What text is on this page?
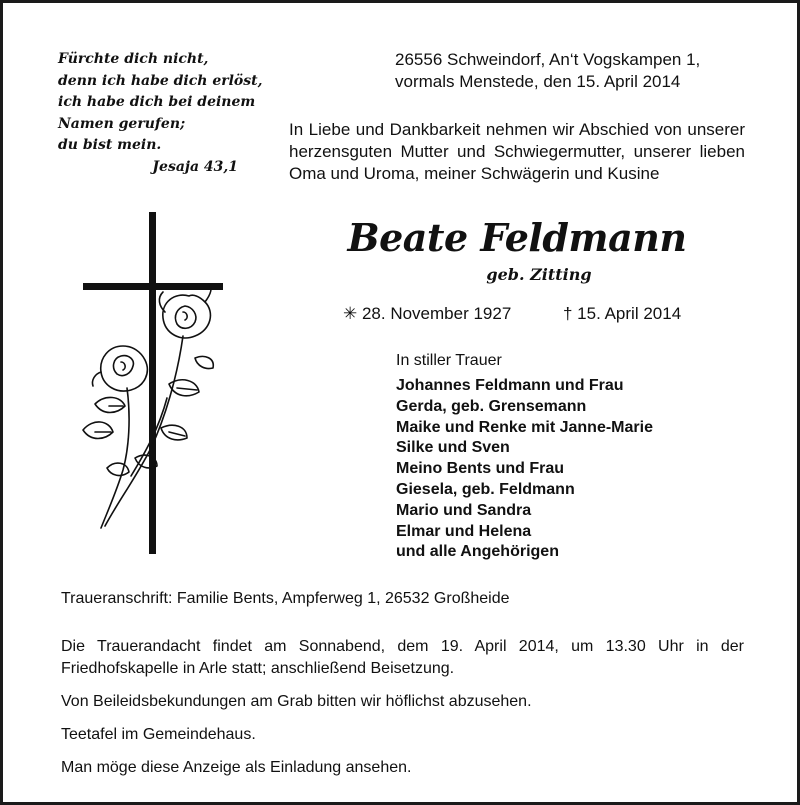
Fürchte dich nicht,
denn ich habe dich erlöst,
ich habe dich bei deinem
Namen gerufen;
du bist mein.
Jesaja 43,1
26556 Schweindorf, An‘t Vogskampen 1,
vormals Menstede, den 15. April 2014
In Liebe und Dankbarkeit nehmen wir Abschied von unserer herzensguten Mutter und Schwiegermutter, unserer lieben Oma und Uroma, meiner Schwägerin und Kusine
Beate Feldmann
geb. Zitting
✳ 28. November 1927	† 15. April 2014
In stiller Trauer
Johannes Feldmann und Frau
Gerda, geb. Grensemann
Maike und Renke mit Janne-Marie
Silke und Sven
Meino Bents und Frau
Giesela, geb. Feldmann
Mario und Sandra
Elmar und Helena
und alle Angehörigen
Traueranschrift: Familie Bents, Ampferweg 1, 26532 Großheide

Die Trauerandacht findet am Sonnabend, dem 19. April 2014, um 13.30 Uhr in der Friedhofskapelle in Arle statt; anschließend Beisetzung.

Von Beileidsbekundungen am Grab bitten wir höflichst abzusehen.

Teetafel im Gemeindehaus.

Man möge diese Anzeige als Einladung ansehen.
